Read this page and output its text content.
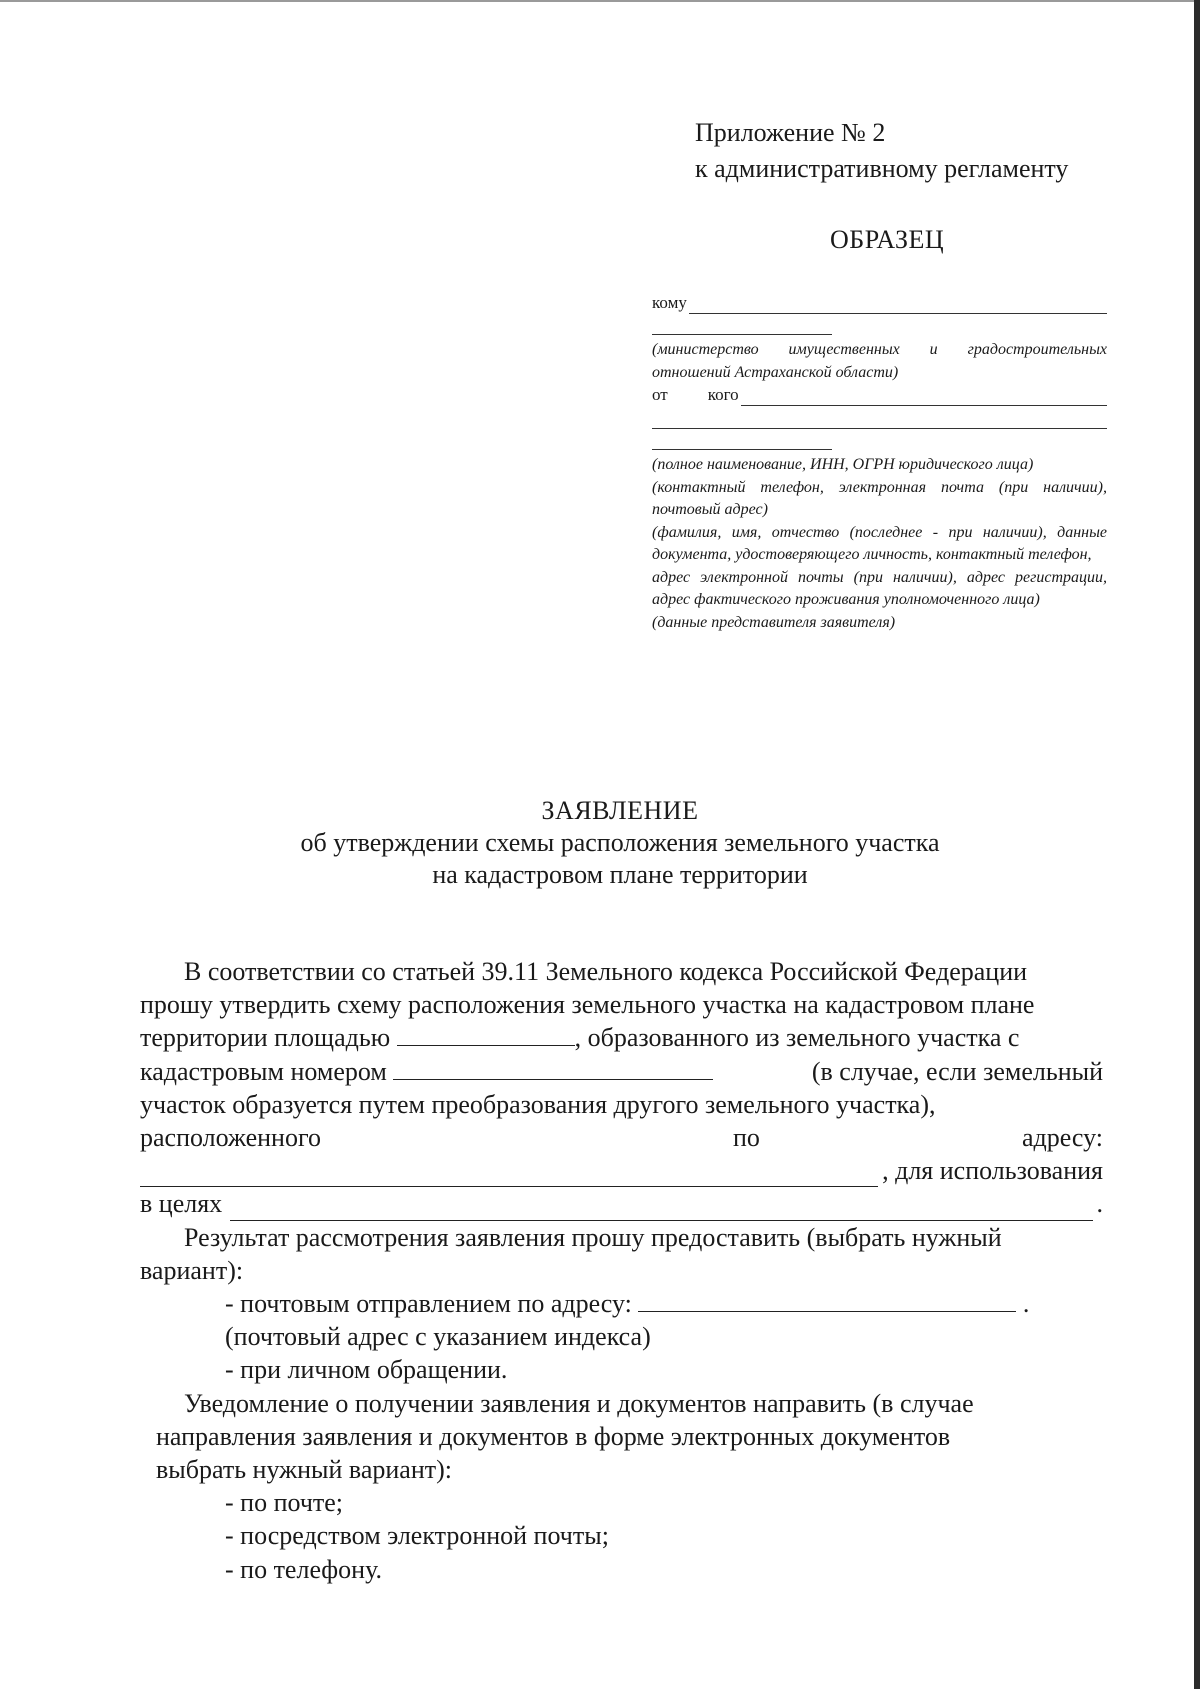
Приложение № 2
к административному регламенту
ОБРАЗЕЦ
кому
(министерство имущественных и градостроительных отношений Астраханской области)
от кого
(полное наименование, ИНН, ОГРН юридического лица)
(контактный телефон, электронная почта (при наличии), почтовый адрес)
(фамилия, имя, отчество (последнее - при наличии), данные документа, удостоверяющего личность, контактный телефон,
адрес электронной почты (при наличии), адрес регистрации, адрес фактического проживания уполномоченного лица)
(данные представителя заявителя)
ЗАЯВЛЕНИЕ
об утверждении схемы расположения земельного участка
на кадастровом плане территории
В соответствии со статьей 39.11 Земельного кодекса Российской Федерации
прошу утвердить схему расположения земельного участка на кадастровом плане
территории площадью	, образованного из земельного участка с
кадастровым номером	(в случае, если земельный
участок образуется путем преобразования другого земельного участка),
расположенного	по	адресу:
, для использования
в целях	.
Результат рассмотрения заявления прошу предоставить (выбрать нужный
вариант):
- почтовым отправлением по адресу:	.
(почтовый адрес с указанием индекса)
- при личном обращении.
Уведомление о получении заявления и документов направить (в случае
направления заявления и документов в форме электронных документов
выбрать нужный вариант):
- по почте;
- посредством электронной почты;
- по телефону.
